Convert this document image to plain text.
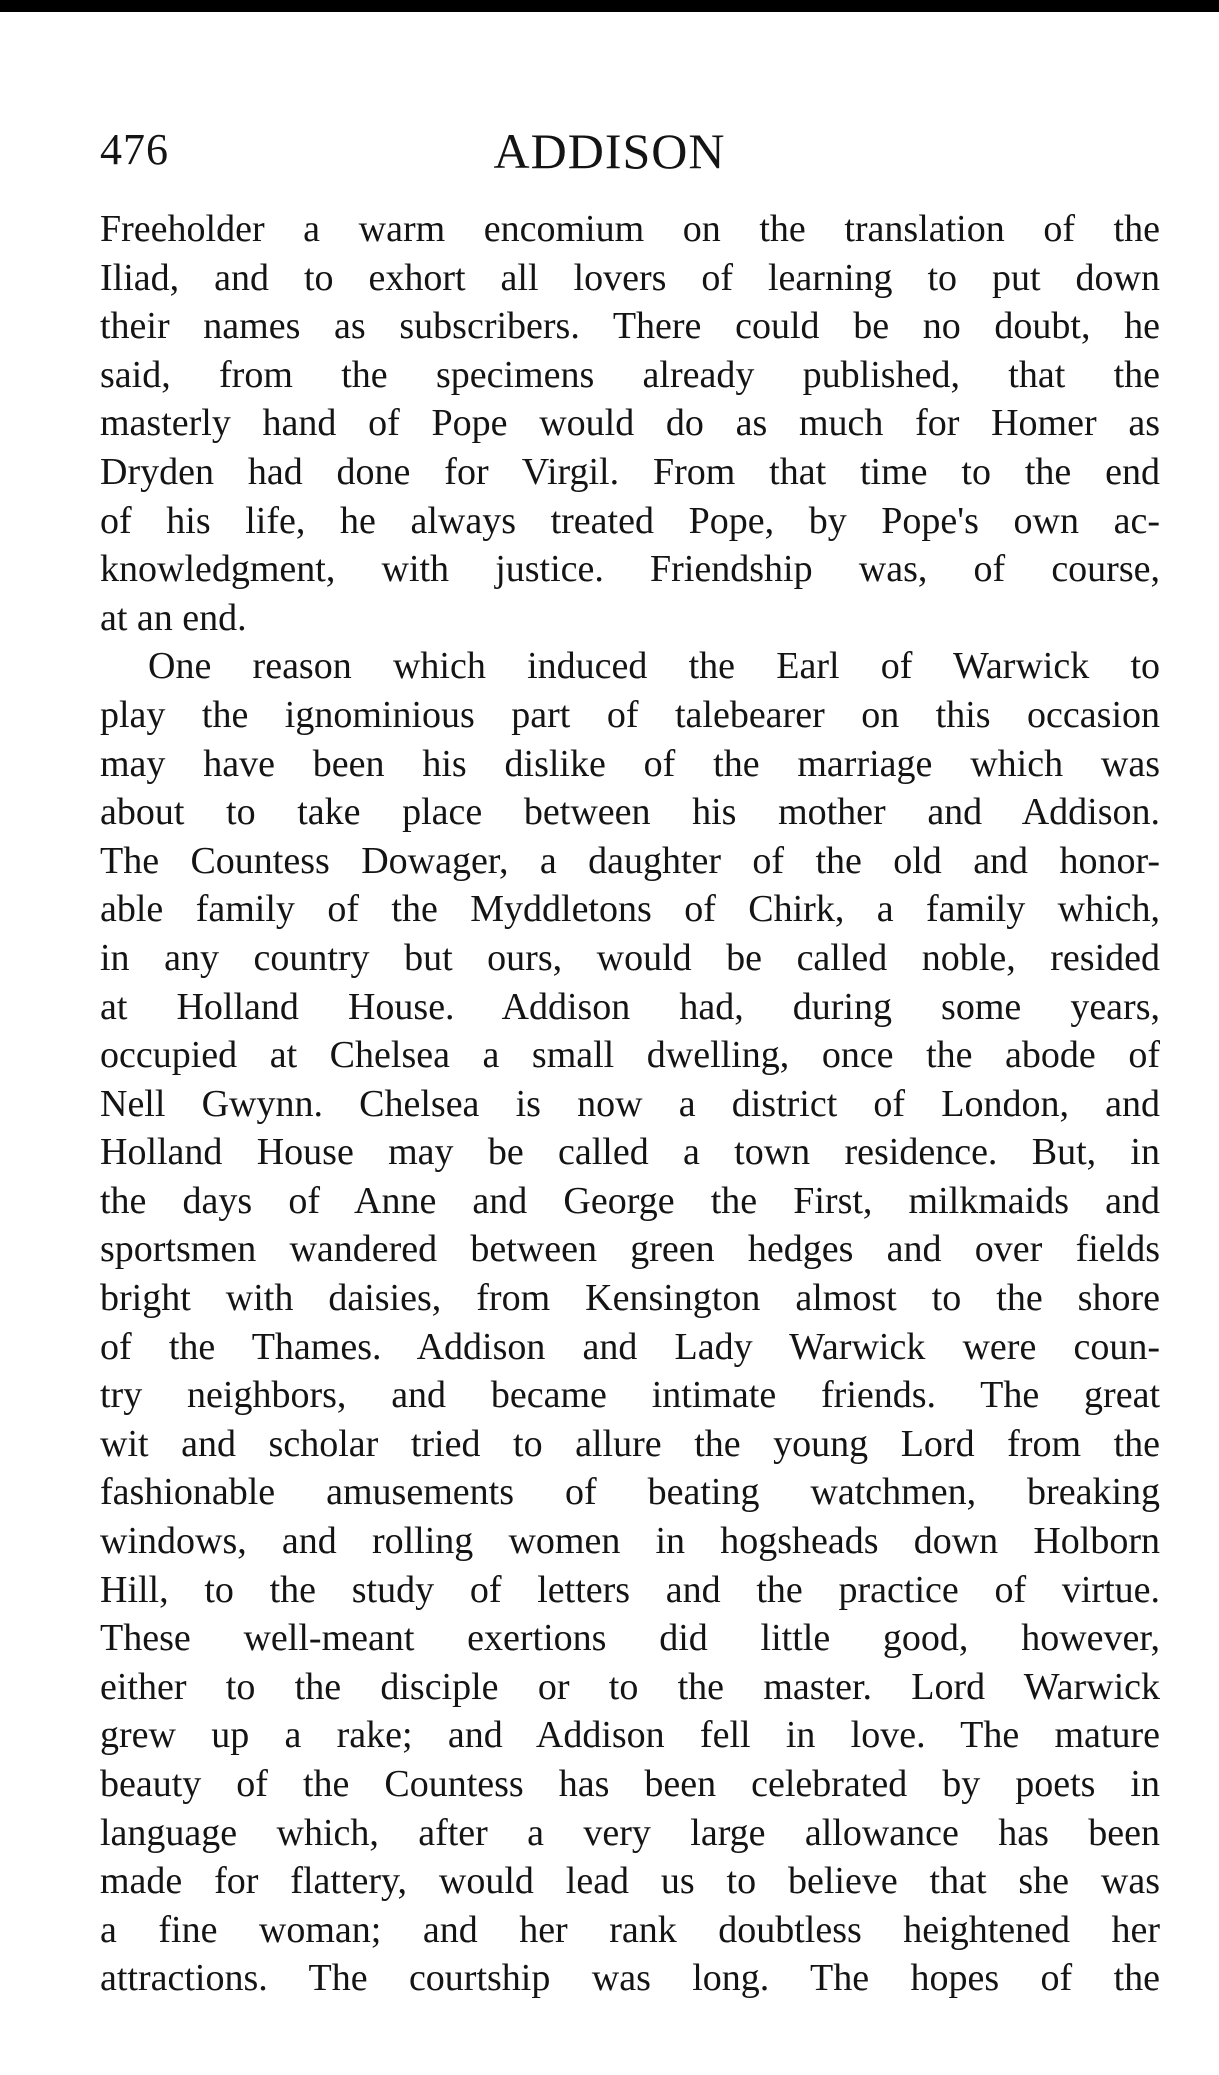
476	ADDISON
Freeholder a warm encomium on the translation of the
Iliad, and to exhort all lovers of learning to put down
their names as subscribers. There could be no doubt, he
said, from the specimens already published, that the
masterly hand of Pope would do as much for Homer as
Dryden had done for Virgil. From that time to the end
of his life, he always treated Pope, by Pope's own ac-
knowledgment, with justice. Friendship was, of course,
at an end.
One reason which induced the Earl of Warwick to
play the ignominious part of talebearer on this occasion
may have been his dislike of the marriage which was
about to take place between his mother and Addison.
The Countess Dowager, a daughter of the old and honor-
able family of the Myddletons of Chirk, a family which,
in any country but ours, would be called noble, resided
at Holland House. Addison had, during some years,
occupied at Chelsea a small dwelling, once the abode of
Nell Gwynn. Chelsea is now a district of London, and
Holland House may be called a town residence. But, in
the days of Anne and George the First, milkmaids and
sportsmen wandered between green hedges and over fields
bright with daisies, from Kensington almost to the shore
of the Thames. Addison and Lady Warwick were coun-
try neighbors, and became intimate friends. The great
wit and scholar tried to allure the young Lord from the
fashionable amusements of beating watchmen, breaking
windows, and rolling women in hogsheads down Holborn
Hill, to the study of letters and the practice of virtue.
These well-meant exertions did little good, however,
either to the disciple or to the master. Lord Warwick
grew up a rake; and Addison fell in love. The mature
beauty of the Countess has been celebrated by poets in
language which, after a very large allowance has been
made for flattery, would lead us to believe that she was
a fine woman; and her rank doubtless heightened her
attractions. The courtship was long. The hopes of the
